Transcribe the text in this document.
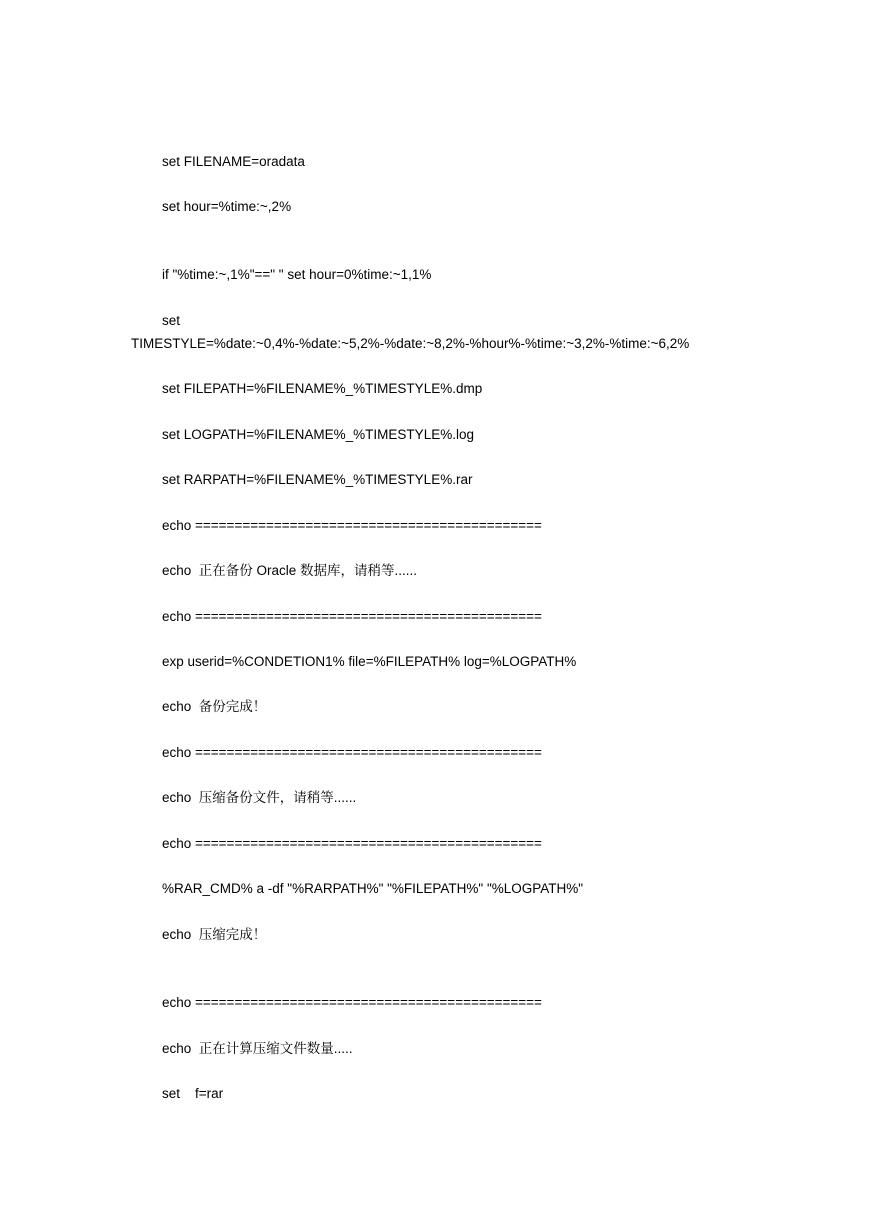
set FILENAME=oradata
set hour=%time:~,2%
if "%time:~,1%"==" " set hour=0%time:~1,1%
set
TIMESTYLE=%date:~0,4%-%date:~5,2%-%date:~8,2%-%hour%-%time:~3,2%-%time:~6,2%
set FILEPATH=%FILENAME%_%TIMESTYLE%.dmp
set LOGPATH=%FILENAME%_%TIMESTYLE%.log
set RARPATH=%FILENAME%_%TIMESTYLE%.rar
echo ============================================
echo  正在备份 Oracle 数据库，请稍等......
echo ============================================
exp userid=%CONDETION1% file=%FILEPATH% log=%LOGPATH%
echo  备份完成！
echo ============================================
echo  压缩备份文件，请稍等......
echo ============================================
%RAR_CMD% a -df "%RARPATH%" "%FILEPATH%" "%LOGPATH%"
echo  压缩完成！
echo ============================================
echo  正在计算压缩文件数量.....
set    f=rar
